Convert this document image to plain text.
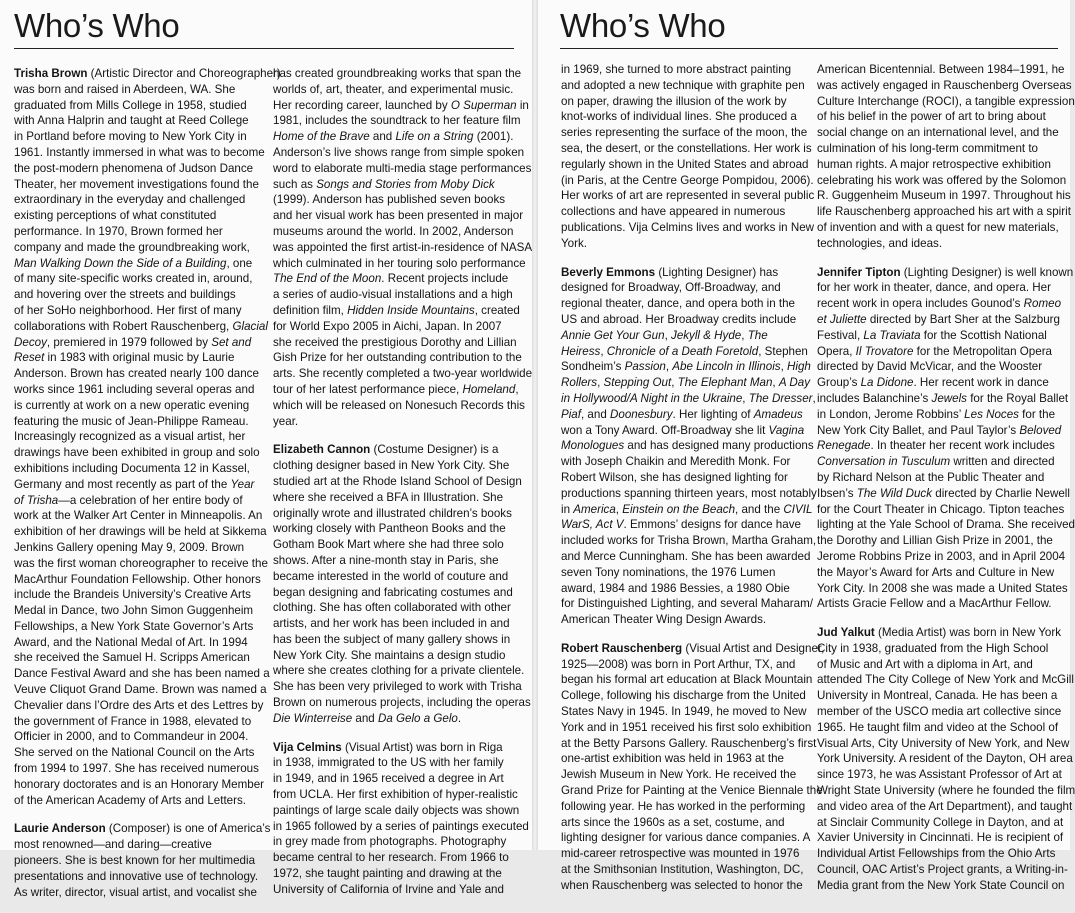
Who’s Who
Trisha Brown (Artistic Director and Choreographer)
was born and raised in Aberdeen, WA. She
graduated from Mills College in 1958, studied
with Anna Halprin and taught at Reed College
in Portland before moving to New York City in
1961. Instantly immersed in what was to become
the post-modern phenomena of Judson Dance
Theater, her movement investigations found the
extraordinary in the everyday and challenged
existing perceptions of what constituted
performance. In 1970, Brown formed her
company and made the groundbreaking work,
Man Walking Down the Side of a Building, one
of many site-specific works created in, around,
and hovering over the streets and buildings
of her SoHo neighborhood. Her first of many
collaborations with Robert Rauschenberg, Glacial
Decoy, premiered in 1979 followed by Set and
Reset in 1983 with original music by Laurie
Anderson. Brown has created nearly 100 dance
works since 1961 including several operas and
is currently at work on a new operatic evening
featuring the music of Jean-Philippe Rameau.
Increasingly recognized as a visual artist, her
drawings have been exhibited in group and solo
exhibitions including Documenta 12 in Kassel,
Germany and most recently as part of the Year
of Trisha—a celebration of her entire body of
work at the Walker Art Center in Minneapolis. An
exhibition of her drawings will be held at Sikkema
Jenkins Gallery opening May 9, 2009. Brown
was the first woman choreographer to receive the
MacArthur Foundation Fellowship. Other honors
include the Brandeis University’s Creative Arts
Medal in Dance, two John Simon Guggenheim
Fellowships, a New York State Governor’s Arts
Award, and the National Medal of Art. In 1994
she received the Samuel H. Scripps American
Dance Festival Award and she has been named a
Veuve Cliquot Grand Dame. Brown was named a
Chevalier dans l’Ordre des Arts et des Lettres by
the government of France in 1988, elevated to
Officier in 2000, and to Commandeur in 2004.
She served on the National Council on the Arts
from 1994 to 1997. She has received numerous
honorary doctorates and is an Honorary Member
of the American Academy of Arts and Letters.
Laurie Anderson (Composer) is one of America’s
most renowned—and daring—creative
pioneers. She is best known for her multimedia
presentations and innovative use of technology.
As writer, director, visual artist, and vocalist she
has created groundbreaking works that span the
worlds of, art, theater, and experimental music.
Her recording career, launched by O Superman in
1981, includes the soundtrack to her feature film
Home of the Brave and Life on a String (2001).
Anderson’s live shows range from simple spoken
word to elaborate multi-media stage performances
such as Songs and Stories from Moby Dick
(1999). Anderson has published seven books
and her visual work has been presented in major
museums around the world. In 2002, Anderson
was appointed the first artist-in-residence of NASA
which culminated in her touring solo performance
The End of the Moon. Recent projects include
a series of audio-visual installations and a high
definition film, Hidden Inside Mountains, created
for World Expo 2005 in Aichi, Japan. In 2007
she received the prestigious Dorothy and Lillian
Gish Prize for her outstanding contribution to the
arts. She recently completed a two-year worldwide
tour of her latest performance piece, Homeland,
which will be released on Nonesuch Records this
year.
Elizabeth Cannon (Costume Designer) is a
clothing designer based in New York City. She
studied art at the Rhode Island School of Design
where she received a BFA in Illustration. She
originally wrote and illustrated children’s books
working closely with Pantheon Books and the
Gotham Book Mart where she had three solo
shows. After a nine-month stay in Paris, she
became interested in the world of couture and
began designing and fabricating costumes and
clothing. She has often collaborated with other
artists, and her work has been included in and
has been the subject of many gallery shows in
New York City. She maintains a design studio
where she creates clothing for a private clientele.
She has been very privileged to work with Trisha
Brown on numerous projects, including the operas
Die Winterreise and Da Gelo a Gelo.
Vija Celmins (Visual Artist) was born in Riga
in 1938, immigrated to the US with her family
in 1949, and in 1965 received a degree in Art
from UCLA. Her first exhibition of hyper-realistic
paintings of large scale daily objects was shown
in 1965 followed by a series of paintings executed
in grey made from photographs. Photography
became central to her research. From 1966 to
1972, she taught painting and drawing at the
University of California of Irvine and Yale and
Who’s Who
in 1969, she turned to more abstract painting
and adopted a new technique with graphite pen
on paper, drawing the illusion of the work by
knot-works of individual lines. She produced a
series representing the surface of the moon, the
sea, the desert, or the constellations. Her work is
regularly shown in the United States and abroad
(in Paris, at the Centre George Pompidou, 2006).
Her works of art are represented in several public
collections and have appeared in numerous
publications. Vija Celmins lives and works in New
York.
Beverly Emmons (Lighting Designer) has
designed for Broadway, Off-Broadway, and
regional theater, dance, and opera both in the
US and abroad. Her Broadway credits include
Annie Get Your Gun, Jekyll & Hyde, The
Heiress, Chronicle of a Death Foretold, Stephen
Sondheim’s Passion, Abe Lincoln in Illinois, High
Rollers, Stepping Out, The Elephant Man, A Day
in Hollywood/A Night in the Ukraine, The Dresser,
Piaf, and Doonesbury. Her lighting of Amadeus
won a Tony Award. Off-Broadway she lit Vagina
Monologues and has designed many productions
with Joseph Chaikin and Meredith Monk. For
Robert Wilson, she has designed lighting for
productions spanning thirteen years, most notably
in America, Einstein on the Beach, and the CIVIL
WarS, Act V. Emmons’ designs for dance have
included works for Trisha Brown, Martha Graham,
and Merce Cunningham. She has been awarded
seven Tony nominations, the 1976 Lumen
award, 1984 and 1986 Bessies, a 1980 Obie
for Distinguished Lighting, and several Maharam/
American Theater Wing Design Awards.
Robert Rauschenberg (Visual Artist and Designer,
1925—2008) was born in Port Arthur, TX, and
began his formal art education at Black Mountain
College, following his discharge from the United
States Navy in 1945. In 1949, he moved to New
York and in 1951 received his first solo exhibition
at the Betty Parsons Gallery. Rauschenberg’s first
one-artist exhibition was held in 1963 at the
Jewish Museum in New York. He received the
Grand Prize for Painting at the Venice Biennale the
following year. He has worked in the performing
arts since the 1960s as a set, costume, and
lighting designer for various dance companies. A
mid-career retrospective was mounted in 1976
at the Smithsonian Institution, Washington, DC,
when Rauschenberg was selected to honor the
American Bicentennial. Between 1984–1991, he
was actively engaged in Rauschenberg Overseas
Culture Interchange (ROCI), a tangible expression
of his belief in the power of art to bring about
social change on an international level, and the
culmination of his long-term commitment to
human rights. A major retrospective exhibition
celebrating his work was offered by the Solomon
R. Guggenheim Museum in 1997. Throughout his
life Rauschenberg approached his art with a spirit
of invention and with a quest for new materials,
technologies, and ideas.
Jennifer Tipton (Lighting Designer) is well known
for her work in theater, dance, and opera. Her
recent work in opera includes Gounod’s Romeo
et Juliette directed by Bart Sher at the Salzburg
Festival, La Traviata for the Scottish National
Opera, Il Trovatore for the Metropolitan Opera
directed by David McVicar, and the Wooster
Group’s La Didone. Her recent work in dance
includes Balanchine’s Jewels for the Royal Ballet
in London, Jerome Robbins’ Les Noces for the
New York City Ballet, and Paul Taylor’s Beloved
Renegade. In theater her recent work includes
Conversation in Tusculum written and directed
by Richard Nelson at the Public Theater and
Ibsen’s The Wild Duck directed by Charlie Newell
for the Court Theater in Chicago. Tipton teaches
lighting at the Yale School of Drama. She received
the Dorothy and Lillian Gish Prize in 2001, the
Jerome Robbins Prize in 2003, and in April 2004
the Mayor’s Award for Arts and Culture in New
York City. In 2008 she was made a United States
Artists Gracie Fellow and a MacArthur Fellow.
Jud Yalkut (Media Artist) was born in New York
City in 1938, graduated from the High School
of Music and Art with a diploma in Art, and
attended The City College of New York and McGill
University in Montreal, Canada. He has been a
member of the USCO media art collective since
1965. He taught film and video at the School of
Visual Arts, City University of New York, and New
York University. A resident of the Dayton, OH area
since 1973, he was Assistant Professor of Art at
Wright State University (where he founded the film
and video area of the Art Department), and taught
at Sinclair Community College in Dayton, and at
Xavier University in Cincinnati. He is recipient of
Individual Artist Fellowships from the Ohio Arts
Council, OAC Artist’s Project grants, a Writing-in-
Media grant from the New York State Council on
